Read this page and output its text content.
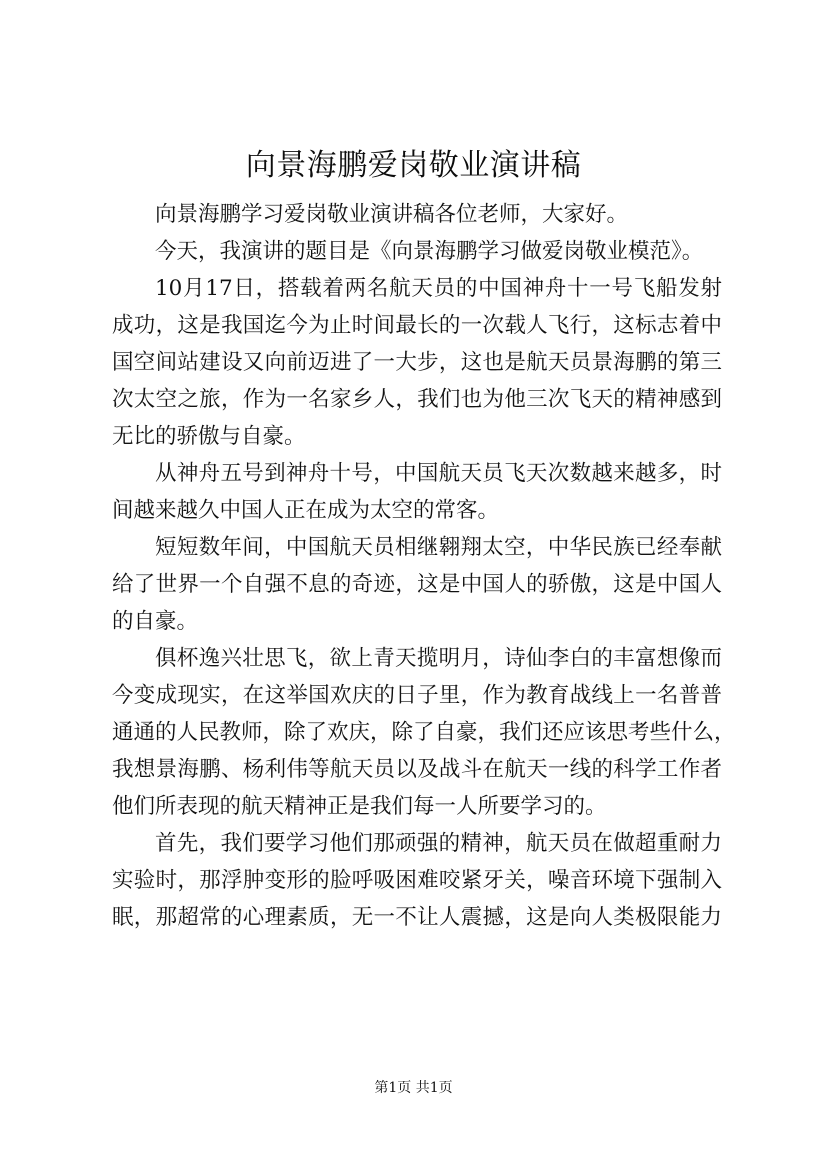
向景海鹏爱岗敬业演讲稿
向景海鹏学习爱岗敬业演讲稿各位老师，大家好。
今天，我演讲的题目是《向景海鹏学习做爱岗敬业模范》。
10月17日，搭载着两名航天员的中国神舟十一号飞船发射
成功，这是我国迄今为止时间最长的一次载人飞行，这标志着中
国空间站建设又向前迈进了一大步，这也是航天员景海鹏的第三
次太空之旅，作为一名家乡人，我们也为他三次飞天的精神感到
无比的骄傲与自豪。
从神舟五号到神舟十号，中国航天员飞天次数越来越多，时
间越来越久中国人正在成为太空的常客。
短短数年间，中国航天员相继翱翔太空，中华民族已经奉献
给了世界一个自强不息的奇迹，这是中国人的骄傲，这是中国人
的自豪。
俱杯逸兴壮思飞，欲上青天揽明月，诗仙李白的丰富想像而
今变成现实，在这举国欢庆的日子里，作为教育战线上一名普普
通通的人民教师，除了欢庆，除了自豪，我们还应该思考些什么，
我想景海鹏、杨利伟等航天员以及战斗在航天一线的科学工作者
他们所表现的航天精神正是我们每一人所要学习的。
首先，我们要学习他们那顽强的精神，航天员在做超重耐力
实验时，那浮肿变形的脸呼吸困难咬紧牙关，噪音环境下强制入
眠，那超常的心理素质，无一不让人震撼，这是向人类极限能力
第1页 共1页
